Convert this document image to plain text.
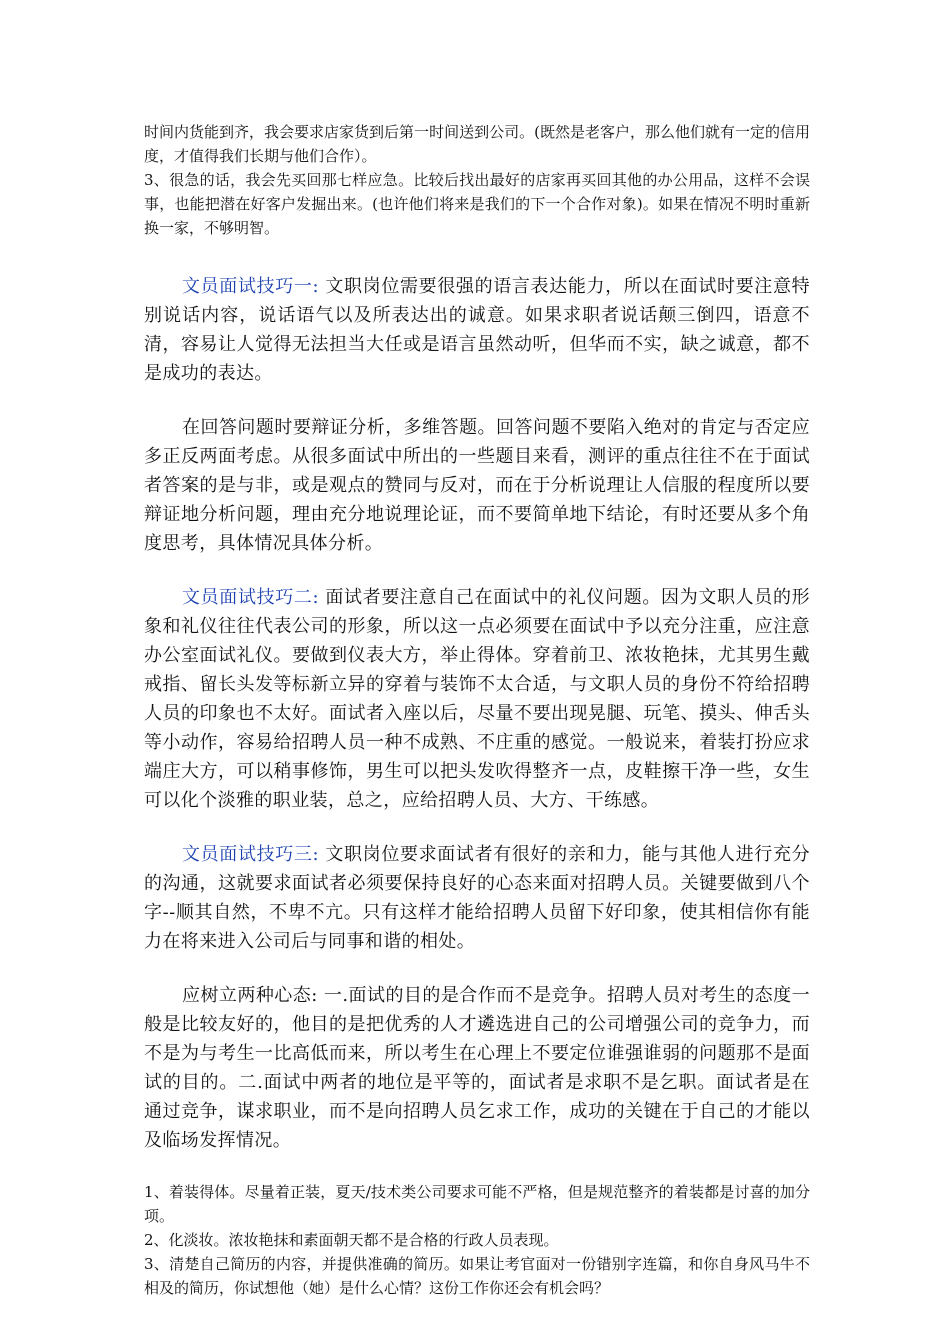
时间内货能到齐，我会要求店家货到后第一时间送到公司。(既然是老客户，那么他们就有一定的信用度，才值得我们长期与他们合作）。

3、很急的话，我会先买回那七样应急。比较后找出最好的店家再买回其他的办公用品，这样不会误事，也能把潜在好客户发掘出来。(也许他们将来是我们的下一个合作对象)。如果在情况不明时重新换一家，不够明智。

文员面试技巧一: 文职岗位需要很强的语言表达能力，所以在面试时要注意特别说话内容，说话语气以及所表达出的诚意。如果求职者说话颠三倒四，语意不清，容易让人觉得无法担当大任或是语言虽然动听，但华而不实，缺之诚意，都不是成功的表达。

在回答问题时要辩证分析，多维答题。回答问题不要陷入绝对的肯定与否定应多正反两面考虑。从很多面试中所出的一些题目来看，测评的重点往往不在于面试者答案的是与非，或是观点的赞同与反对，而在于分析说理让人信服的程度所以要辩证地分析问题，理由充分地说理论证，而不要简单地下结论，有时还要从多个角度思考，具体情况具体分析。

文员面试技巧二: 面试者要注意自己在面试中的礼仪问题。因为文职人员的形象和礼仪往往代表公司的形象，所以这一点必须要在面试中予以充分注重，应注意办公室面试礼仪。要做到仪表大方，举止得体。穿着前卫、浓妆艳抹，尤其男生戴戒指、留长头发等标新立异的穿着与装饰不太合适，与文职人员的身份不符给招聘人员的印象也不太好。面试者入座以后，尽量不要出现晃腿、玩笔、摸头、伸舌头等小动作，容易给招聘人员一种不成熟、不庄重的感觉。一般说来，着装打扮应求端庄大方，可以稍事修饰，男生可以把头发吹得整齐一点，皮鞋擦干净一些，女生可以化个淡雅的职业装，总之，应给招聘人员、大方、干练感。

文员面试技巧三: 文职岗位要求面试者有很好的亲和力，能与其他人进行充分的沟通，这就要求面试者必须要保持良好的心态来面对招聘人员。关键要做到八个字--顺其自然，不卑不亢。只有这样才能给招聘人员留下好印象，使其相信你有能力在将来进入公司后与同事和谐的相处。

应树立两种心态: 一.面试的目的是合作而不是竞争。招聘人员对考生的态度一般是比较友好的，他目的是把优秀的人才遴选进自己的公司增强公司的竞争力，而不是为与考生一比高低而来，所以考生在心理上不要定位谁强谁弱的问题那不是面试的目的。二.面试中两者的地位是平等的，面试者是求职不是乞职。面试者是在通过竞争，谋求职业，而不是向招聘人员乞求工作，成功的关键在于自己的才能以及临场发挥情况。

1、着装得体。尽量着正装，夏天/技术类公司要求可能不严格，但是规范整齐的着装都是讨喜的加分项。

2、化淡妆。浓妆艳抹和素面朝天都不是合格的行政人员表现。

3、清楚自己简历的内容，并提供准确的简历。如果让考官面对一份错别字连篇，和你自身风马牛不相及的简历，你试想他（她）是什么心情？这份工作你还会有机会吗？
